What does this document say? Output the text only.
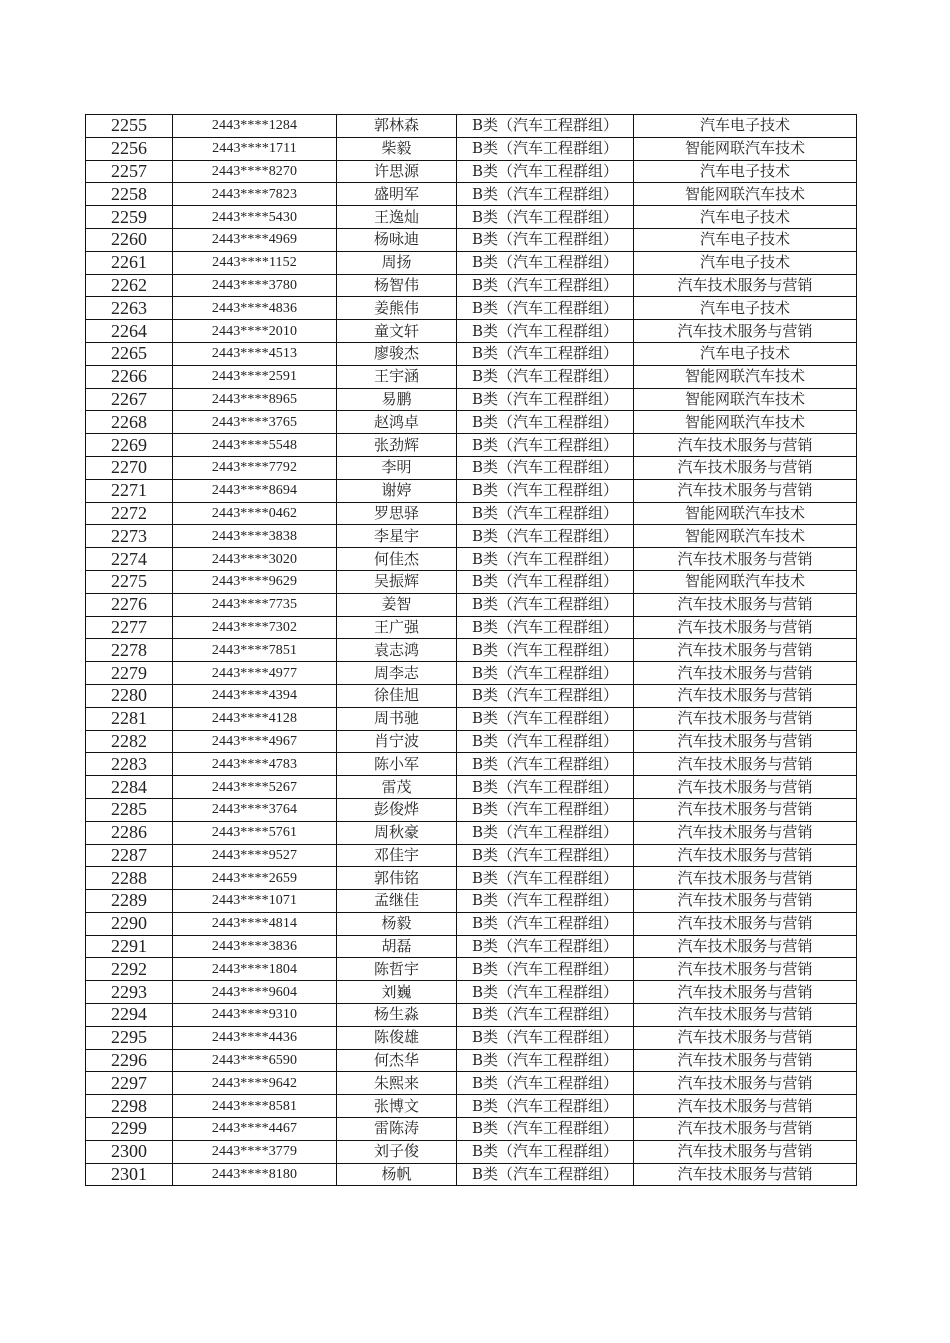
2255	2443****1284	郭林森	B类（汽车工程群组）	汽车电子技术
2256	2443****1711	柴毅	B类（汽车工程群组）	智能网联汽车技术
2257	2443****8270	许思源	B类（汽车工程群组）	汽车电子技术
2258	2443****7823	盛明军	B类（汽车工程群组）	智能网联汽车技术
2259	2443****5430	王逸灿	B类（汽车工程群组）	汽车电子技术
2260	2443****4969	杨咏迪	B类（汽车工程群组）	汽车电子技术
2261	2443****1152	周扬	B类（汽车工程群组）	汽车电子技术
2262	2443****3780	杨智伟	B类（汽车工程群组）	汽车技术服务与营销
2263	2443****4836	姜熊伟	B类（汽车工程群组）	汽车电子技术
2264	2443****2010	童文轩	B类（汽车工程群组）	汽车技术服务与营销
2265	2443****4513	廖骏杰	B类（汽车工程群组）	汽车电子技术
2266	2443****2591	王宇涵	B类（汽车工程群组）	智能网联汽车技术
2267	2443****8965	易鹏	B类（汽车工程群组）	智能网联汽车技术
2268	2443****3765	赵鸿卓	B类（汽车工程群组）	智能网联汽车技术
2269	2443****5548	张劲辉	B类（汽车工程群组）	汽车技术服务与营销
2270	2443****7792	李明	B类（汽车工程群组）	汽车技术服务与营销
2271	2443****8694	谢婷	B类（汽车工程群组）	汽车技术服务与营销
2272	2443****0462	罗思驿	B类（汽车工程群组）	智能网联汽车技术
2273	2443****3838	李星宇	B类（汽车工程群组）	智能网联汽车技术
2274	2443****3020	何佳杰	B类（汽车工程群组）	汽车技术服务与营销
2275	2443****9629	吴振辉	B类（汽车工程群组）	智能网联汽车技术
2276	2443****7735	姜智	B类（汽车工程群组）	汽车技术服务与营销
2277	2443****7302	王广强	B类（汽车工程群组）	汽车技术服务与营销
2278	2443****7851	袁志鸿	B类（汽车工程群组）	汽车技术服务与营销
2279	2443****4977	周李志	B类（汽车工程群组）	汽车技术服务与营销
2280	2443****4394	徐佳旭	B类（汽车工程群组）	汽车技术服务与营销
2281	2443****4128	周书驰	B类（汽车工程群组）	汽车技术服务与营销
2282	2443****4967	肖宁波	B类（汽车工程群组）	汽车技术服务与营销
2283	2443****4783	陈小军	B类（汽车工程群组）	汽车技术服务与营销
2284	2443****5267	雷茂	B类（汽车工程群组）	汽车技术服务与营销
2285	2443****3764	彭俊烨	B类（汽车工程群组）	汽车技术服务与营销
2286	2443****5761	周秋豪	B类（汽车工程群组）	汽车技术服务与营销
2287	2443****9527	邓佳宇	B类（汽车工程群组）	汽车技术服务与营销
2288	2443****2659	郭伟铭	B类（汽车工程群组）	汽车技术服务与营销
2289	2443****1071	孟继佳	B类（汽车工程群组）	汽车技术服务与营销
2290	2443****4814	杨毅	B类（汽车工程群组）	汽车技术服务与营销
2291	2443****3836	胡磊	B类（汽车工程群组）	汽车技术服务与营销
2292	2443****1804	陈哲宇	B类（汽车工程群组）	汽车技术服务与营销
2293	2443****9604	刘巍	B类（汽车工程群组）	汽车技术服务与营销
2294	2443****9310	杨生淼	B类（汽车工程群组）	汽车技术服务与营销
2295	2443****4436	陈俊雄	B类（汽车工程群组）	汽车技术服务与营销
2296	2443****6590	何杰华	B类（汽车工程群组）	汽车技术服务与营销
2297	2443****9642	朱熙来	B类（汽车工程群组）	汽车技术服务与营销
2298	2443****8581	张博文	B类（汽车工程群组）	汽车技术服务与营销
2299	2443****4467	雷陈涛	B类（汽车工程群组）	汽车技术服务与营销
2300	2443****3779	刘子俊	B类（汽车工程群组）	汽车技术服务与营销
2301	2443****8180	杨帆	B类（汽车工程群组）	汽车技术服务与营销
